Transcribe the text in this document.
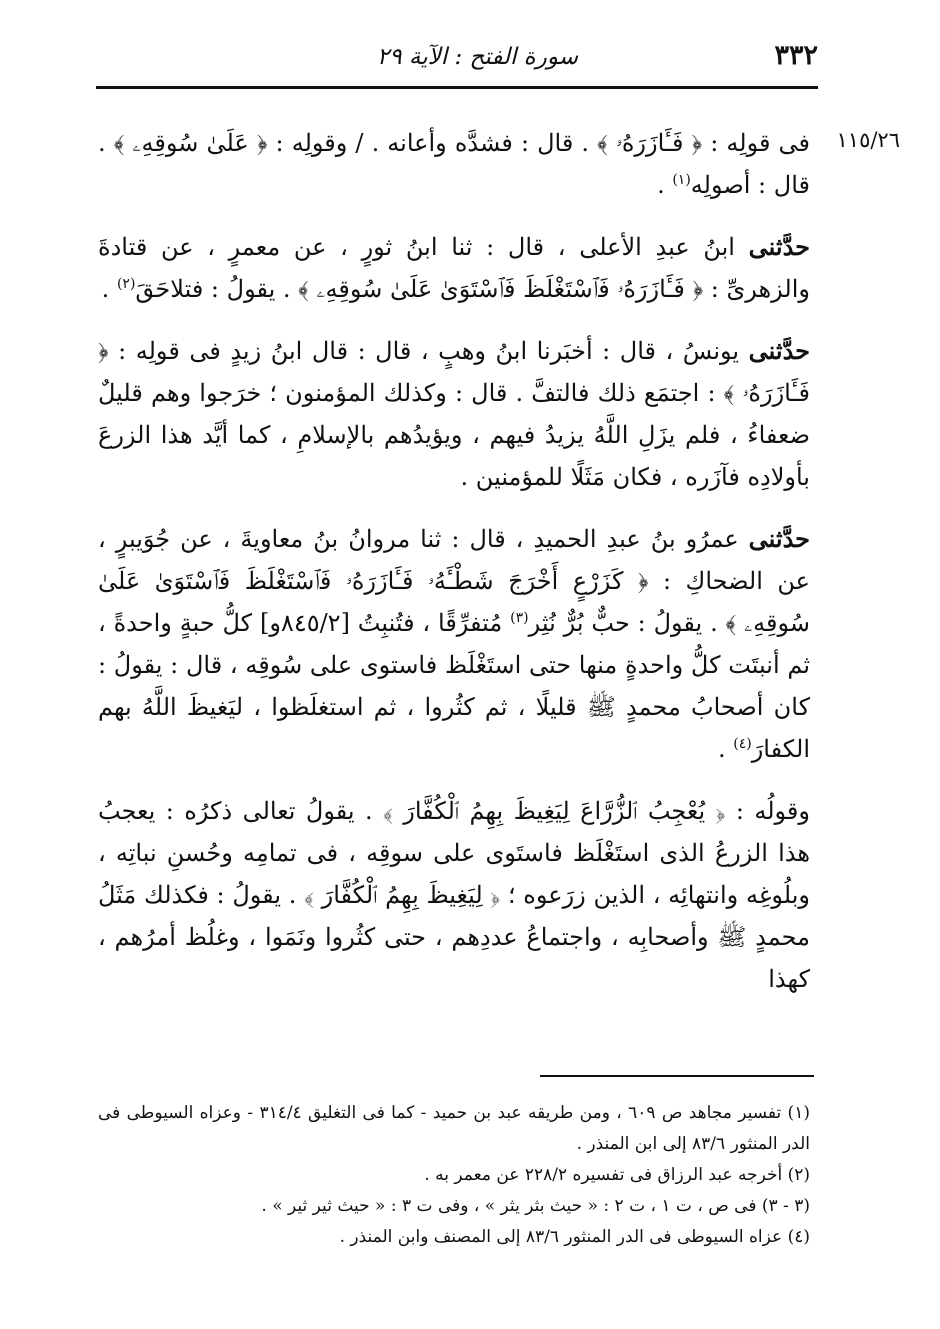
٣٣٢
سورة الفتح : الآية ٢٩
١١٥/٢٦

فى قولِه : ﴿ فَـَٔازَرَهُۥ ﴾ . قال : فشدَّه وأعانه . / وقولِه : ﴿ عَلَىٰ سُوقِهِۦ ﴾ . قال : أصولِه$^{(١)}$ .

حدَّثنى ابنُ عبدِ الأعلى ، قال : ثنا ابنُ ثورٍ ، عن معمرٍ ، عن قتادةَ والزهرىِّ : ﴿ فَـَٔازَرَهُۥ فَٱسْتَغْلَظَ فَٱسْتَوَىٰ عَلَىٰ سُوقِهِۦ ﴾ . يقولُ : فتلاحَقَ$^{(٢)}$ .

حدَّثنى يونسُ ، قال : أخبَرنا ابنُ وهبٍ ، قال : قال ابنُ زيدٍ فى قولِه : ﴿ فَـَٔازَرَهُۥ ﴾ : اجتمَع ذلك فالتفَّ . قال : وكذلك المؤمنون ؛ خرَجوا وهم قليلٌ ضعفاءُ ، فلم يزَلِ اللَّهُ يزيدُ فيهم ، ويؤيدُهم بالإسلامِ ، كما أيَّد هذا الزرعَ بأولادِه فآزَره ، فكان مَثَلًا للمؤمنين .

حدَّثنى عمرُو بنُ عبدِ الحميدِ ، قال : ثنا مروانُ بنُ معاويةَ ، عن جُوَيبرٍ ، عن الضحاكِ : ﴿ كَزَرْعٍ أَخْرَجَ شَطْـَٔهُۥ فَـَٔازَرَهُۥ فَٱسْتَغْلَظَ فَٱسْتَوَىٰ عَلَىٰ سُوقِهِۦ ﴾ . يقولُ : حبٌّ بُرٌّ نُثِر$^{(٣)}$ مُتفرِّقًا ، فتُنبِتُ [٨٤٥/٢و] كلُّ حبةٍ واحدةً ، ثم أنبتَت كلُّ واحدةٍ منها حتى استَغْلَظ فاستوى على سُوقِه ، قال : يقولُ : كان أصحابُ محمدٍ ﷺ قليلًا ، ثم كثُروا ، ثم استغلَظوا ، ليَغيظَ اللَّهُ بهم الكفارَ$^{(٤)}$ .

وقولُه : ﴿ يُعْجِبُ ٱلزُّرَّاعَ لِيَغِيظَ بِهِمُ ٱلْكُفَّارَ ﴾ . يقولُ تعالى ذكرُه : يعجبُ هذا الزرعُ الذى استَغْلَظ فاستَوى على سوقِه ، فى تمامِه وحُسنِ نباتِه ، وبلُوغِه وانتهائِه ، الذين زرَعوه ؛ ﴿ لِيَغِيظَ بِهِمُ ٱلْكُفَّارَ ﴾ . يقولُ : فكذلك مَثَلُ محمدٍ ﷺ وأصحابِه ، واجتماعُ عددِهم ، حتى كثُروا ونَمَوا ، وغلُظ أمرُهم ، كهذا

(١) تفسير مجاهد ص ٦٠٩ ، ومن طريقه عبد بن حميد - كما فى التغليق ٣١٤/٤ - وعزاه السيوطى فى الدر المنثور ٨٣/٦ إلى ابن المنذر .

(٢) أخرجه عبد الرزاق فى تفسيره ٢٢٨/٢ عن معمر به .

(٣ - ٣) فى ص ، ت ١ ، ت ٢ : « حيث بثر يثر » ، وفى ت ٣ : « حيث ثير ثير » .

(٤) عزاه السيوطى فى الدر المنثور ٨٣/٦ إلى المصنف وابن المنذر .
